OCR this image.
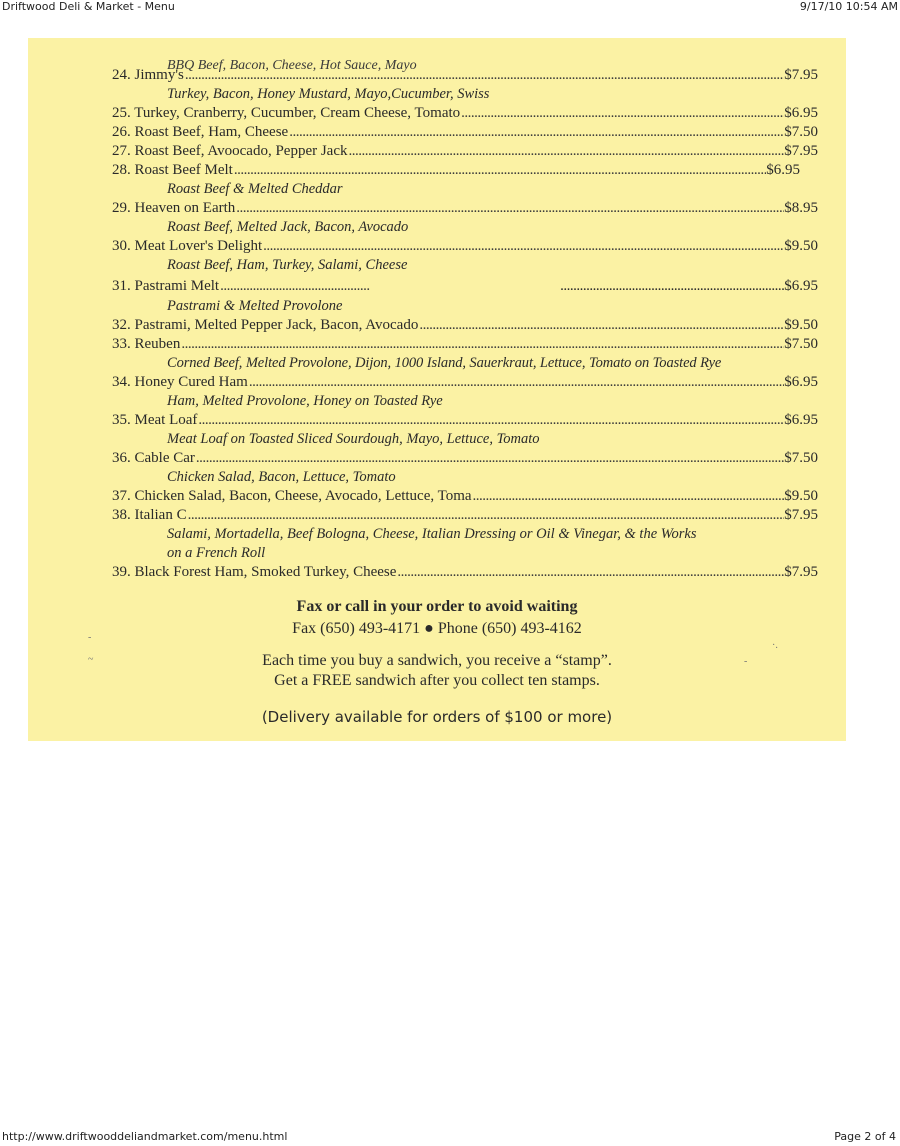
Driftwood Deli & Market - Menu	9/17/10 10:54 AM
BBQ Beef, Bacon, Cheese, Hot Sauce, Mayo
24. Jimmy's .....	$7.95
Turkey, Bacon, Honey Mustard, Mayo,Cucumber, Swiss
25. Turkey, Cranberry, Cucumber, Cream Cheese, Tomato .....	$6.95
26. Roast Beef, Ham, Cheese .....	$7.50
27. Roast Beef, Avoocado, Pepper Jack .....	$7.95
28. Roast Beef Melt .....	$6.95
Roast Beef & Melted Cheddar
29. Heaven on Earth .....	$8.95
Roast Beef, Melted Jack, Bacon, Avocado
30. Meat Lover's Delight .....	$9.50
Roast Beef, Ham, Turkey, Salami, Cheese
31. Pastrami Melt ..... .....	$6.95
Pastrami & Melted Provolone
32. Pastrami, Melted Pepper Jack, Bacon, Avocado .....	$9.50
33. Reuben .....	$7.50
Corned Beef, Melted Provolone, Dijon, 1000 Island, Sauerkraut, Lettuce, Tomato on Toasted Rye
34. Honey Cured Ham .....	$6.95
Ham, Melted Provolone, Honey on Toasted Rye
35. Meat Loaf .....	$6.95
Meat Loaf on Toasted Sliced Sourdough, Mayo, Lettuce, Tomato
36. Cable Car .....	$7.50
Chicken Salad, Bacon, Lettuce, Tomato
37. Chicken Salad, Bacon, Cheese, Avocado, Lettuce, Toma .....	$9.50
38. Italian C .....	$7.95
Salami, Mortadella, Beef Bologna, Cheese, Italian Dressing or Oil & Vinegar, & the Works
on a French Roll
39. Black Forest Ham, Smoked Turkey, Cheese .....	$7.95
Fax or call in your order to avoid waiting
Fax (650) 493-4171 ● Phone (650) 493-4162
Each time you buy a sandwich, you receive a “stamp”.
Get a FREE sandwich after you collect ten stamps.
(Delivery available for orders of $100 or more)
-
~
·.
-
http://www.driftwooddeliandmarket.com/menu.html	Page 2 of 4
